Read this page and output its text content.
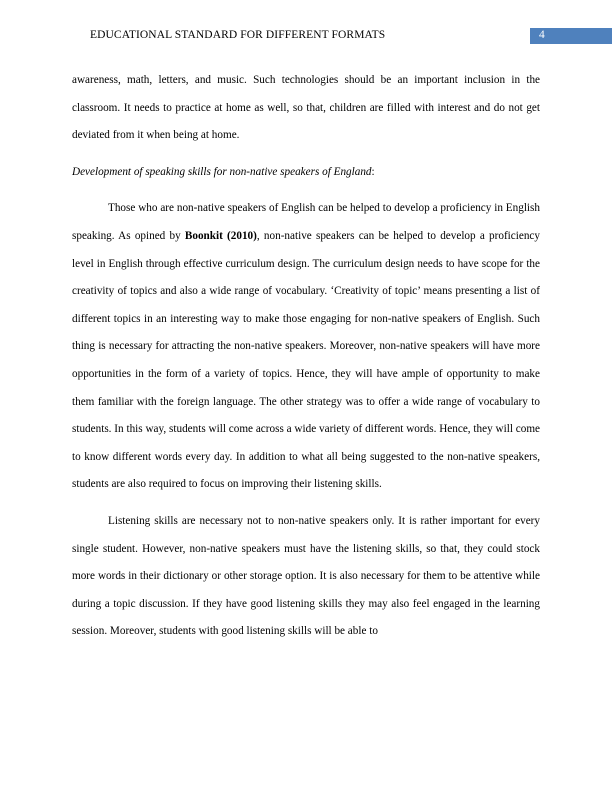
EDUCATIONAL STANDARD FOR DIFFERENT FORMATS	4

awareness, math, letters, and music. Such technologies should be an important inclusion in the classroom. It needs to practice at home as well, so that, children are filled with interest and do not get deviated from it when being at home.

Development of speaking skills for non-native speakers of England:

Those who are non-native speakers of English can be helped to develop a proficiency in English speaking. As opined by Boonkit (2010), non-native speakers can be helped to develop a proficiency level in English through effective curriculum design. The curriculum design needs to have scope for the creativity of topics and also a wide range of vocabulary. ‘Creativity of topic’ means presenting a list of different topics in an interesting way to make those engaging for non-native speakers of English. Such thing is necessary for attracting the non-native speakers. Moreover, non-native speakers will have more opportunities in the form of a variety of topics. Hence, they will have ample of opportunity to make them familiar with the foreign language. The other strategy was to offer a wide range of vocabulary to students. In this way, students will come across a wide variety of different words. Hence, they will come to know different words every day. In addition to what all being suggested to the non-native speakers, students are also required to focus on improving their listening skills.

Listening skills are necessary not to non-native speakers only. It is rather important for every single student. However, non-native speakers must have the listening skills, so that, they could stock more words in their dictionary or other storage option. It is also necessary for them to be attentive while during a topic discussion. If they have good listening skills they may also feel engaged in the learning session. Moreover, students with good listening skills will be able to
